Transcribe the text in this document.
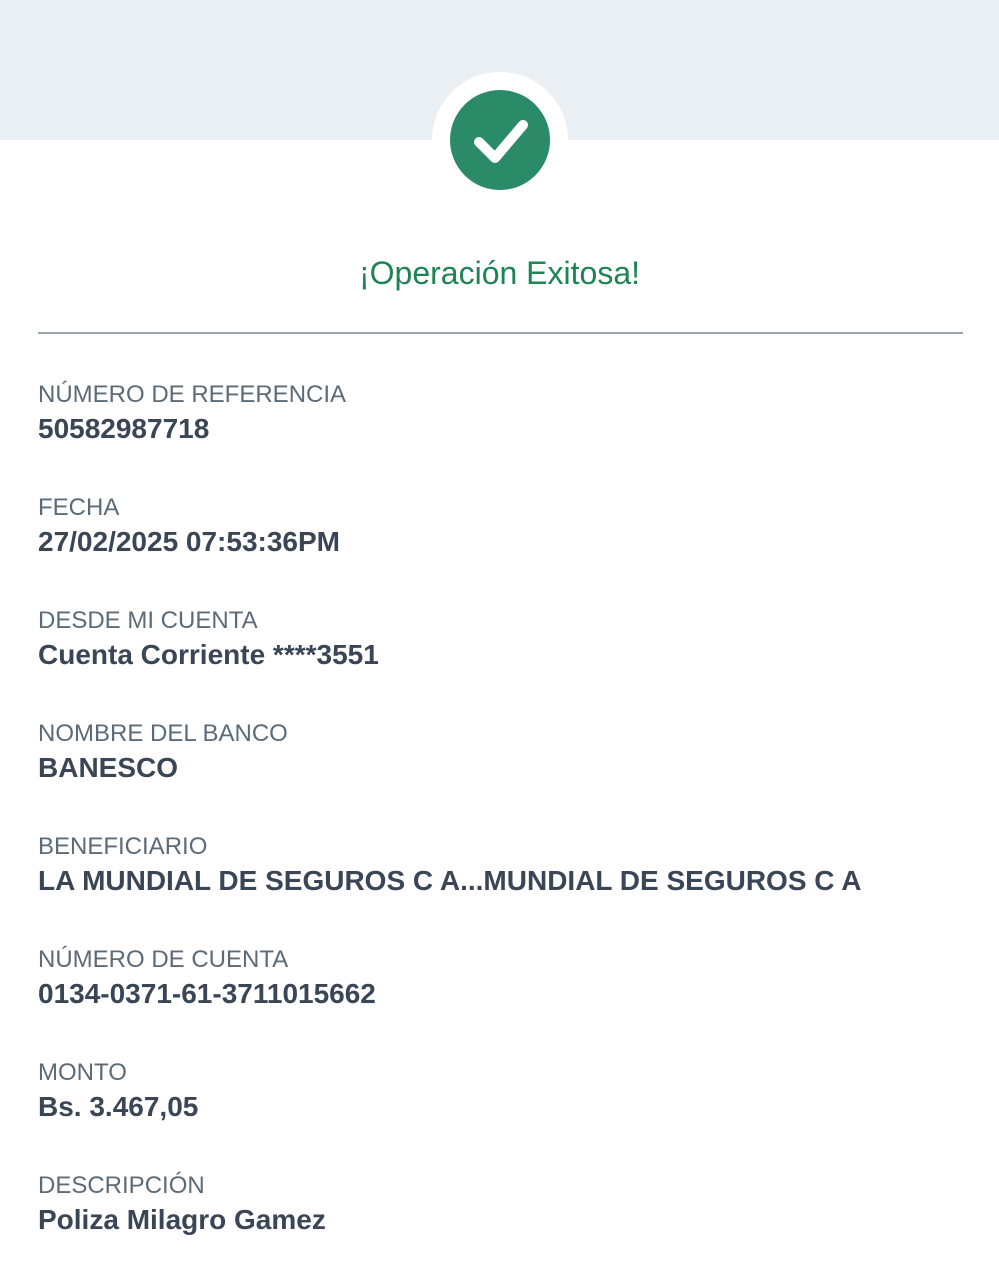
¡Operación Exitosa!
NÚMERO DE REFERENCIA
50582987718
FECHA
27/02/2025 07:53:36PM
DESDE MI CUENTA
Cuenta Corriente ****3551
NOMBRE DEL BANCO
BANESCO
BENEFICIARIO
LA MUNDIAL DE SEGUROS C A...MUNDIAL DE SEGUROS C A
NÚMERO DE CUENTA
0134-0371-61-3711015662
MONTO
Bs. 3.467,05
DESCRIPCIÓN
Poliza Milagro Gamez
